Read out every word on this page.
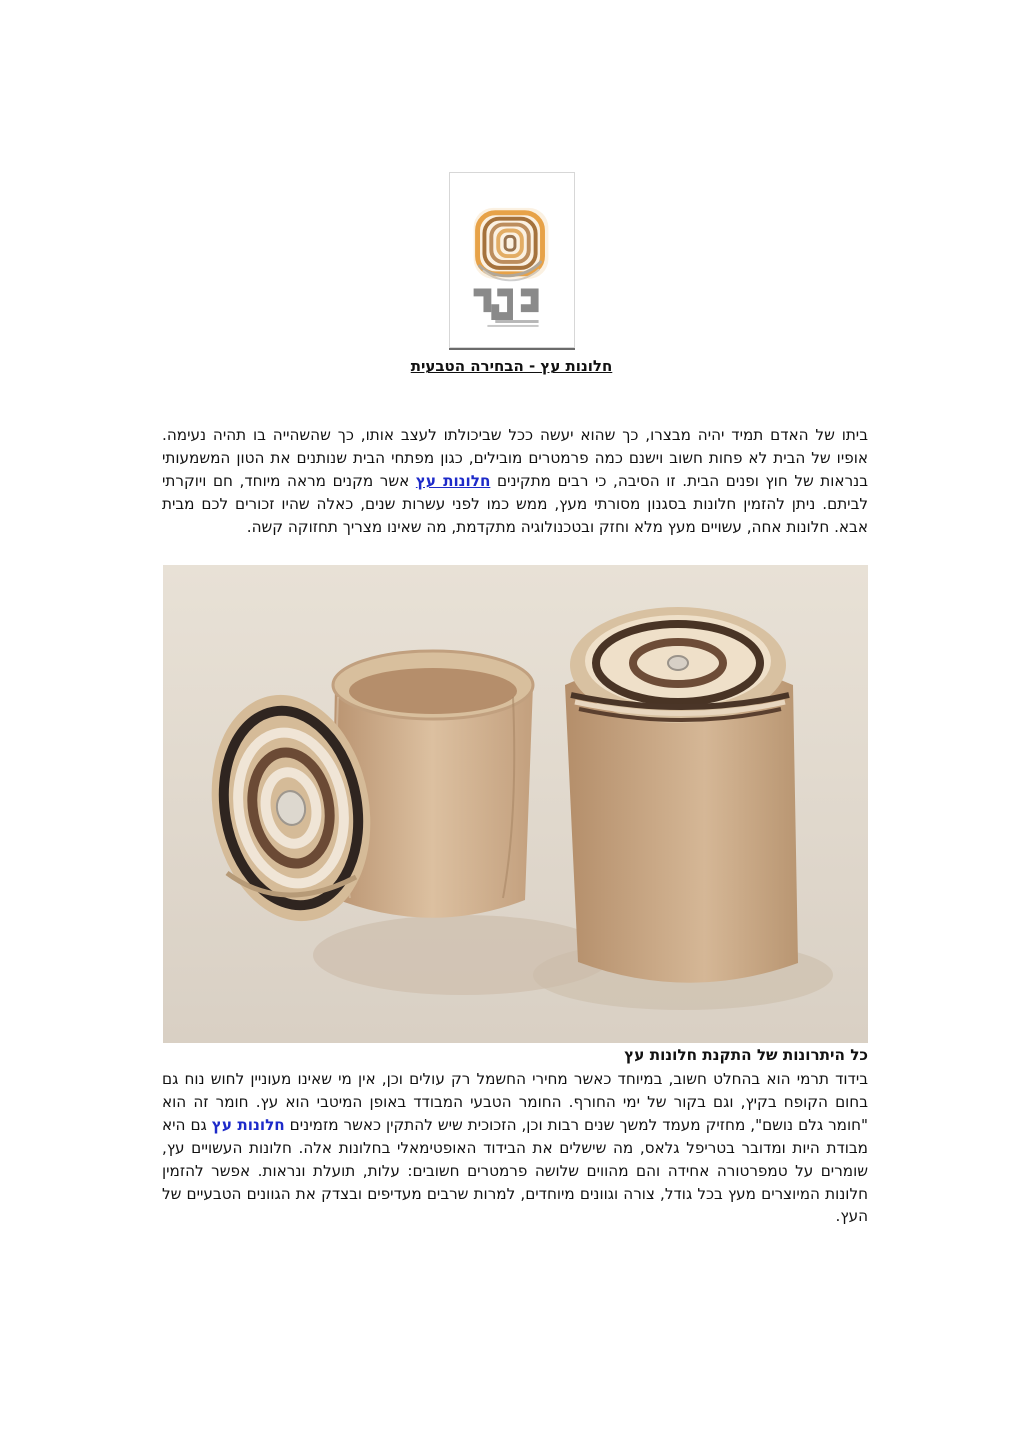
חלונות עץ - הבחירה הטבעית
ביתו של האדם תמיד יהיה מבצרו, כך שהוא יעשה ככל שביכולתו לעצב אותו, כך שהשהייה בו תהיה נעימה. אופיו של הבית לא פחות חשוב וישנם כמה פרמטרים מובילים, כגון מפתחי הבית שנותנים את הטון המשמעותי בנראות של חוץ ופנים הבית. זו הסיבה, כי רבים מתקינים חלונות עץ אשר מקנים מראה מיוחד, חם ויוקרתי לביתם. ניתן להזמין חלונות בסגנון מסורתי מעץ, ממש כמו לפני עשרות שנים, כאלה שהיו זכורים לכם מבית אבא. חלונות אחה, עשויים מעץ מלא וחזק ובטכנולוגיה מתקדמת, מה שאינו מצריך תחזוקה קשה.
כל היתרונות של התקנת חלונות עץ
בידוד תרמי הוא בהחלט חשוב, במיוחד כאשר מחירי החשמל רק עולים וכן, אין מי שאינו מעוניין לחוש נוח גם בחום הקופח בקיץ, וגם בקור של ימי החורף. החומר הטבעי המבודד באופן המיטבי הוא עץ. חומר זה הוא "חומר גלם נושם", מחזיק מעמד למשך שנים רבות וכן, הזכוכית שיש להתקין כאשר מזמינים חלונות עץ גם היא מבודת היות ומדובר בטריפל גלאס, מה שישלים את הבידוד האופטימאלי בחלונות אלה. חלונות העשויים עץ, שומרים על טמפרטורה אחידה והם מהווים שלושה פרמטרים חשובים: עלות, תועלת ונראות. אפשר להזמין חלונות המיוצרים מעץ בכל גודל, צורה וגוונים מיוחדים, למרות שרבים מעדיפים ובצדק את הגוונים הטבעיים של העץ.
